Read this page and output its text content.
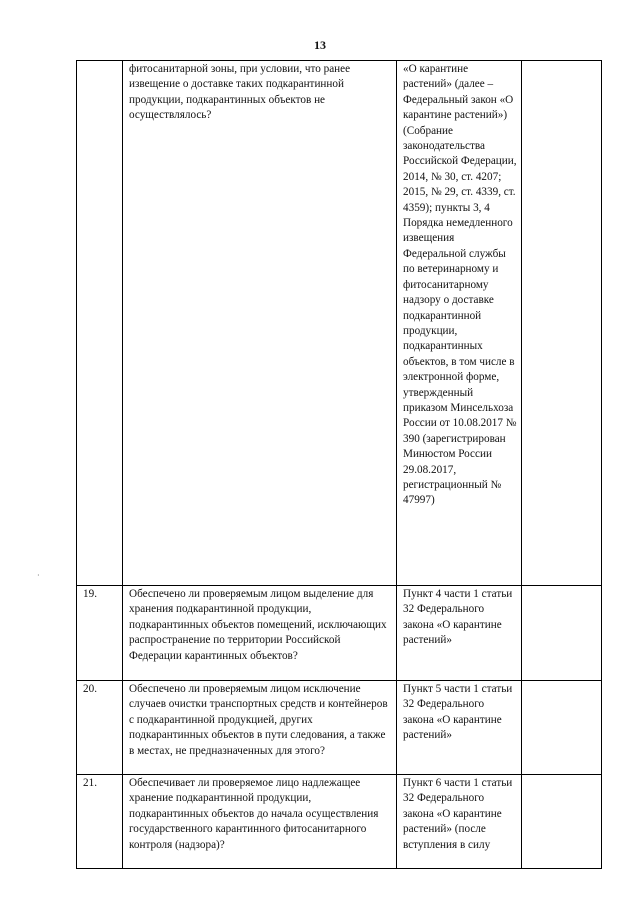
13
·
	фитосанитарной зоны, при условии, что ранее извещение о доставке таких подкарантинной продукции, подкарантинных объектов не осуществлялось?	«О карантине растений» (далее – Федеральный закон «О карантине растений») (Собрание законодательства Российской Федерации, 2014, № 30, ст. 4207; 2015, № 29, ст. 4339, ст. 4359); пункты 3, 4 Порядка немедленного извещения Федеральной службы по ветеринарному и фитосанитарному надзору о доставке подкарантинной продукции, подкарантинных объектов, в том числе в электронной форме, утвержденный приказом Минсельхоза России от 10.08.2017 № 390 (зарегистрирован Минюстом России 29.08.2017, регистрационный № 47997)	
19.	Обеспечено ли проверяемым лицом выделение для хранения подкарантинной продукции, подкарантинных объектов помещений, исключающих распространение по территории Российской Федерации карантинных объектов?	Пункт 4 части 1 статьи 32 Федерального закона «О карантине растений»	
20.	Обеспечено ли проверяемым лицом исключение случаев очистки транспортных средств и контейнеров с подкарантинной продукцией, других подкарантинных объектов в пути следования, а также в местах, не предназначенных для этого?	Пункт 5 части 1 статьи 32 Федерального закона «О карантине растений»	
21.	Обеспечивает ли проверяемое лицо надлежащее хранение подкарантинной продукции, подкарантинных объектов до начала осуществления государственного карантинного фитосанитарного контроля (надзора)?	Пункт 6 части 1 статьи 32 Федерального закона «О карантине растений» (после вступления в силу	
